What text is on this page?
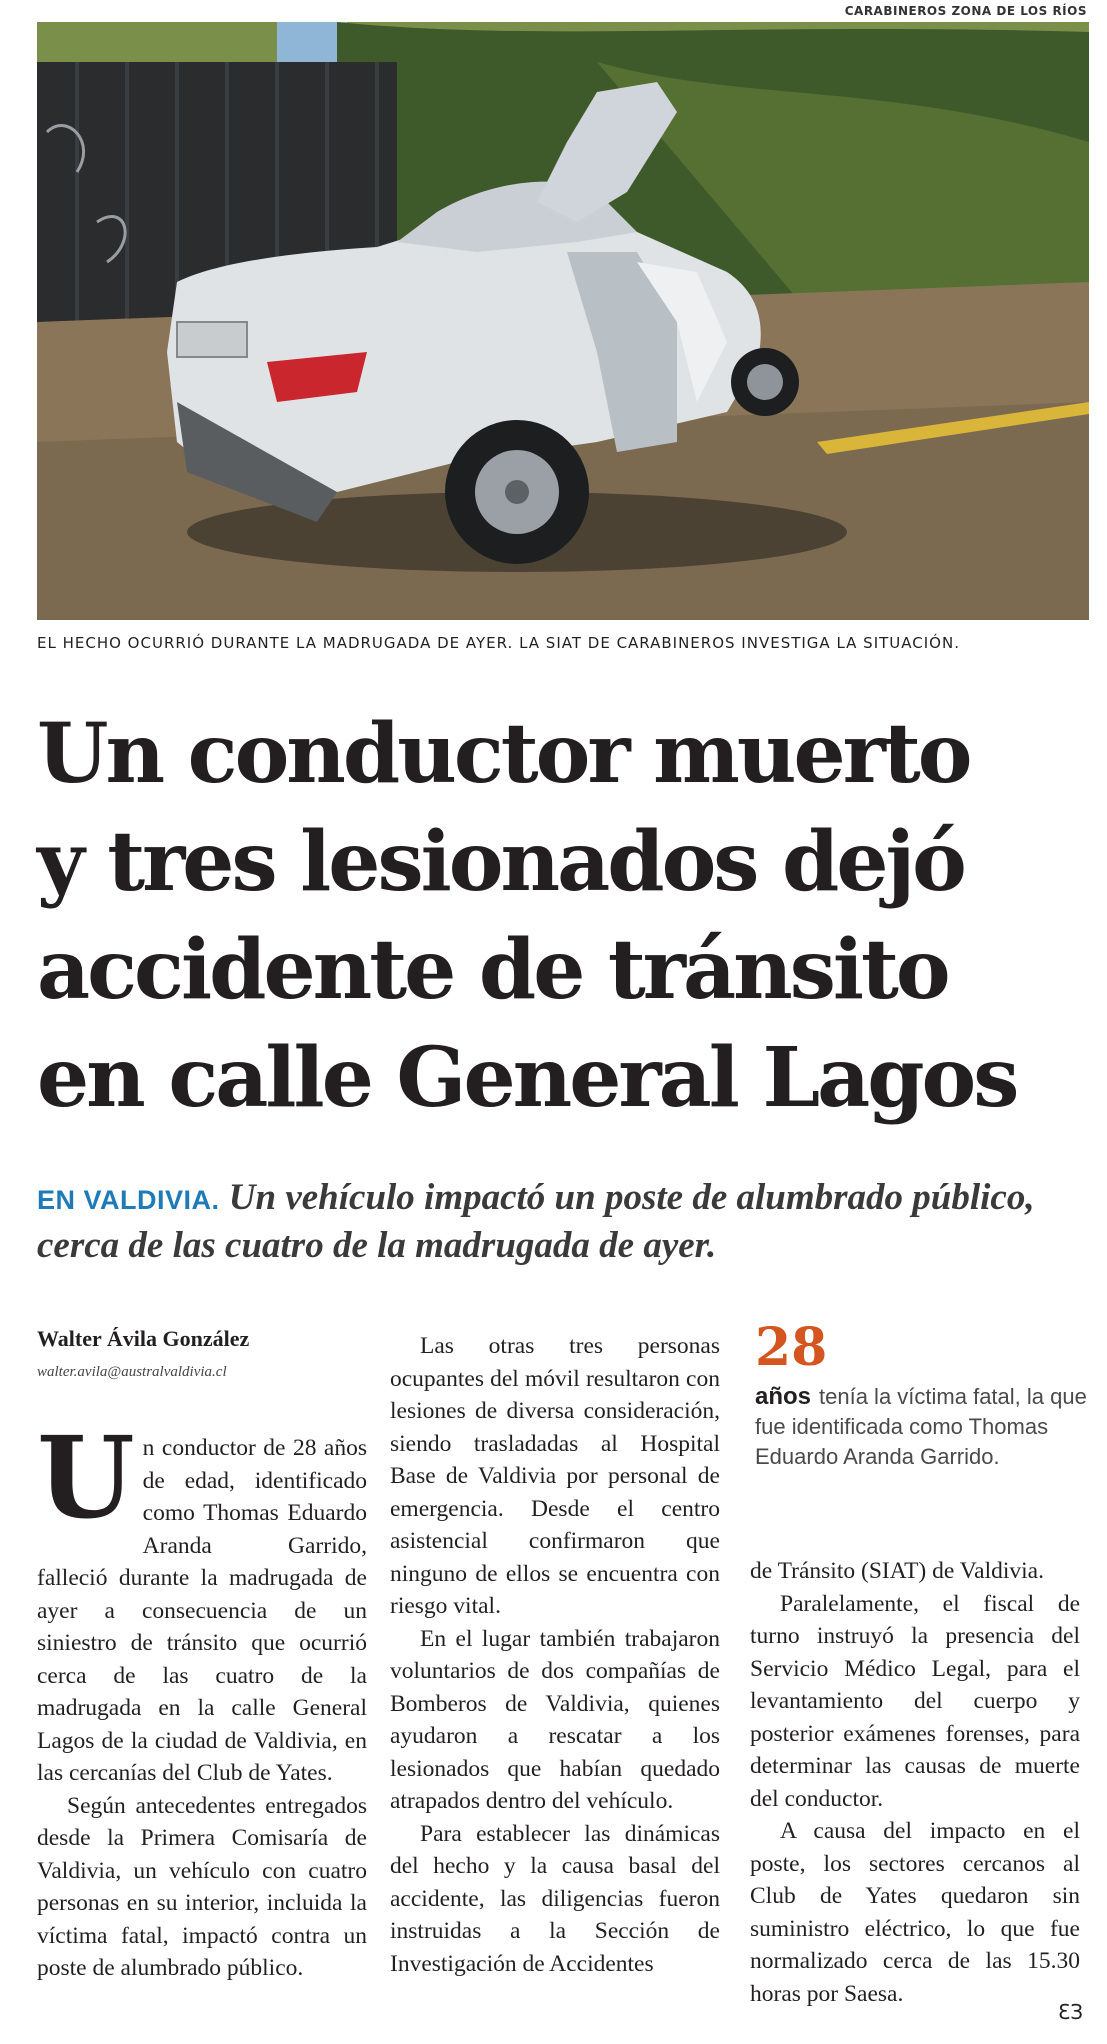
CARABINEROS ZONA DE LOS RÍOS
EL HECHO OCURRIÓ DURANTE LA MADRUGADA DE AYER. LA SIAT DE CARABINEROS INVESTIGA LA SITUACIÓN.
Un conductor muerto
y tres lesionados dejó
accidente de tránsito
en calle General Lagos

EN VALDIVIA. Un vehículo impactó un poste de alumbrado público, cerca de las cuatro de la madrugada de ayer.

Walter Ávila González
walter.avila@australvaldivia.cl

Un conductor de 28 años de edad, identificado como Thomas Eduardo Aranda Garrido, falleció durante la madrugada de ayer a consecuencia de un siniestro de tránsito que ocurrió cerca de las cuatro de la madrugada en la calle General Lagos de la ciudad de Valdivia, en las cercanías del Club de Yates.

Según antecedentes entregados desde la Primera Comisaría de Valdivia, un vehículo con cuatro personas en su interior, incluida la víctima fatal, impactó contra un poste de alumbrado público.

Las otras tres personas ocupantes del móvil resultaron con lesiones de diversa consideración, siendo trasladadas al Hospital Base de Valdivia por personal de emergencia. Desde el centro asistencial confirmaron que ninguno de ellos se encuentra con riesgo vital.

En el lugar también trabajaron voluntarios de dos compañías de Bomberos de Valdivia, quienes ayudaron a rescatar a los lesionados que habían quedado atrapados dentro del vehículo.

Para establecer las dinámicas del hecho y la causa basal del accidente, las diligencias fueron instruidas a la Sección de Investigación de Accidentes

28
años tenía la víctima fatal, la que fue identificada como Thomas Eduardo Aranda Garrido.

de Tránsito (SIAT) de Valdivia.

Paralelamente, el fiscal de turno instruyó la presencia del Servicio Médico Legal, para el levantamiento del cuerpo y posterior exámenes forenses, para determinar las causas de muerte del conductor.

A causa del impacto en el poste, los sectores cercanos al Club de Yates quedaron sin suministro eléctrico, lo que fue normalizado cerca de las 15.30 horas por Saesa.

ƐЗ
